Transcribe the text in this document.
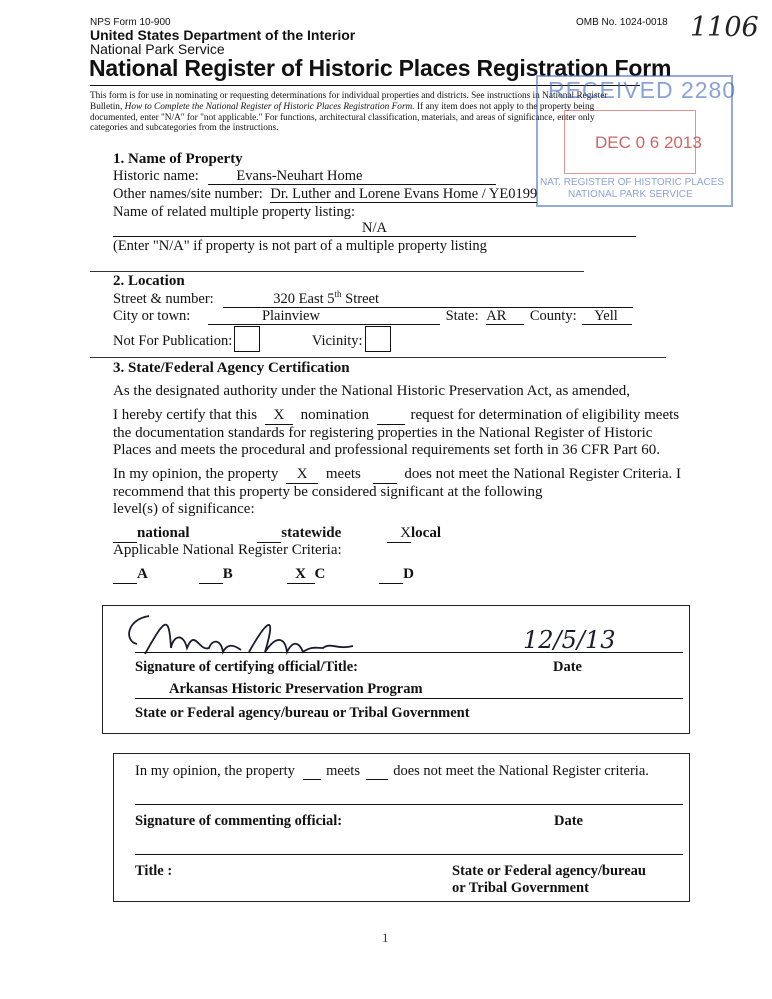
NPS Form 10-900	OMB No. 1024-0018 1106
United States Department of the Interior
National Park Service
National Register of Historic Places Registration Form
This form is for use in nominating or requesting determinations for individual properties and districts. See instructions in National Register
Bulletin, How to Complete the National Register of Historic Places Registration Form. If any item does not apply to the property being
documented, enter "N/A" for "not applicable." For functions, architectural classification, materials, and areas of significance, enter only
categories and subcategories from the instructions.
RECEIVED 2280
DEC 0 6 2013
NAT. REGISTER OF HISTORIC PLACES
NATIONAL PARK SERVICE
1. Name of Property
Historic name:	Evans-Neuhart Home
Other names/site number: Dr. Luther and Lorene Evans Home / YE0199
Name of related multiple property listing:
N/A
(Enter "N/A" if property is not part of a multiple property listing
2. Location
Street & number:	320 East 5th Street
City or town:	Plainview	State: AR County: Yell
Not For Publication:	Vicinity:
3. State/Federal Agency Certification
As the designated authority under the National Historic Preservation Act, as amended,
I hereby certify that this X nomination	request for determination of eligibility meets
the documentation standards for registering properties in the National Register of Historic
Places and meets the procedural and professional requirements set forth in 36 CFR Part 60.
In my opinion, the property X meets	does not meet the National Register Criteria. I
recommend that this property be considered significant at the following
level(s) of significance:
national	statewide	Xlocal
Applicable National Register Criteria:
A	B	X C	D
12/5/13
Signature of certifying official/Title:	Date
Arkansas Historic Preservation Program
State or Federal agency/bureau or Tribal Government
In my opinion, the property meets does not meet the National Register criteria.
Signature of commenting official:	Date
Title :	State or Federal agency/bureau
or Tribal Government
1
